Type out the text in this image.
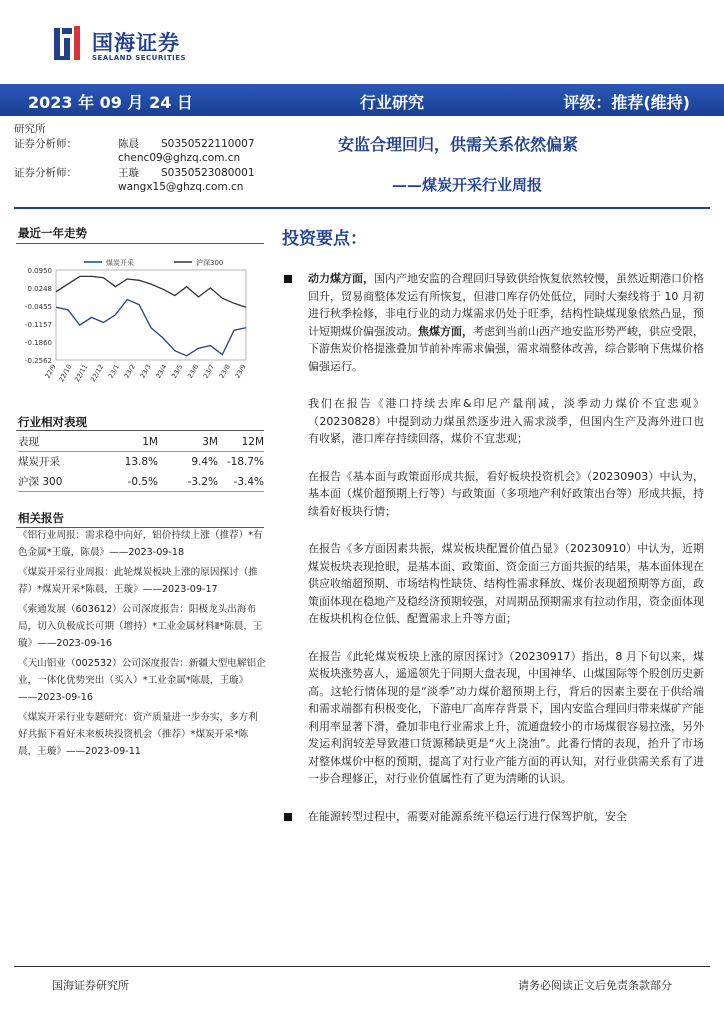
国海证券
SEALAND SECURITIES
2023 年 09 月 24 日	行业研究	评级：推荐(维持)
研究所
证券分析师：	陈晨 S0350522110007
chenc09@ghzq.com.cn
证券分析师：	王璇 S0350523080001
wangx15@ghzq.com.cn
安监合理回归，供需关系依然偏紧
——煤炭开采行业周报
最近一年走势
0.0950
0.0248
-0.0455
-0.1157
-0.1860
-0.2562
22/9 22/10 22/11 22/12 23/1 23/2 23/3 23/4 23/5 23/6 23/7 23/8 23/9
煤炭开采	沪深300
行业相对表现
表现	1M	3M	12M
煤炭开采	13.8%	9.4% -18.7%
沪深 300	-0.5%	-3.2%	-3.4%
相关报告
《铝行业周报：需求稳中向好，铝价持续上涨（推荐）*有色金属*王璇，陈晨》——2023-09-18
《煤炭开采行业周报：此轮煤炭板块上涨的原因探讨（推荐）*煤炭开采*陈晨，王璇》——2023-09-17
《索通发展（603612）公司深度报告：阳极龙头出海布局，切入负极成长可期（增持）*工业金属材料Ⅱ*陈晨，王璇》——2023-09-16
《天山铝业（002532）公司深度报告：新疆大型电解铝企业，一体化优势突出（买入）*工业金属*陈晨，王璇》——2023-09-16
《煤炭开采行业专题研究：资产质量进一步夯实，多方利好共振下看好未来板块投资机会（推荐）*煤炭开采*陈晨，王璇》——2023-09-11
投资要点：
动力煤方面，国内产地安监的合理回归导致供给恢复依然较慢，虽然近期港口价格回升，贸易商整体发运有所恢复，但港口库存仍处低位，同时大秦线将于 10 月初进行秋季检修，非电行业的动力煤需求仍处于旺季，结构性缺煤现象依然凸显，预计短期煤价偏强波动。焦煤方面，考虑到当前山西产地安监形势严峻，供应受限，下游焦炭价格提涨叠加节前补库需求偏强，需求端整体改善，综合影响下焦煤价格偏强运行。
我们在报告《港口持续去库&印尼产量削减，淡季动力煤价不宜悲观》（20230828）中提到动力煤虽然逐步进入需求淡季，但国内生产及海外进口也有收紧，港口库存持续回落，煤价不宜悲观；
在报告《基本面与政策面形成共振，看好板块投资机会》（20230903）中认为，基本面（煤价超预期上行等）与政策面（多项地产利好政策出台等）形成共振，持续看好板块行情；
在报告《多方面因素共振，煤炭板块配置价值凸显》（20230910）中认为，近期煤炭板块表现抢眼，是基本面、政策面、资金面三方面共振的结果，基本面体现在供应收缩超预期、市场结构性缺货、结构性需求释放、煤价表现超预期等方面，政策面体现在稳地产及稳经济预期较强，对周期品预期需求有拉动作用，资金面体现在板块机构仓位低、配置需求上升等方面；
在报告《此轮煤炭板块上涨的原因探讨》（20230917）指出，8 月下旬以来，煤炭板块涨势喜人，遥遥领先于同期大盘表现，中国神华、山煤国际等个股创历史新高。这轮行情体现的是“淡季”动力煤价超预期上行，背后的因素主要在于供给端和需求端都有积极变化，下游电厂高库存背景下，国内安监合理回归带来煤矿产能利用率显著下滑，叠加非电行业需求上升，流通盘较小的市场煤很容易拉涨，另外发运利润较差导致港口货源稀缺更是“火上浇油”。此番行情的表现，抬升了市场对整体煤价中枢的预期，提高了对行业产能方面的再认知，对行业供需关系有了进一步合理修正，对行业价值属性有了更为清晰的认识。
在能源转型过程中，需要对能源系统平稳运行进行保驾护航，安全
国海证券研究所	请务必阅读正文后免责条款部分
